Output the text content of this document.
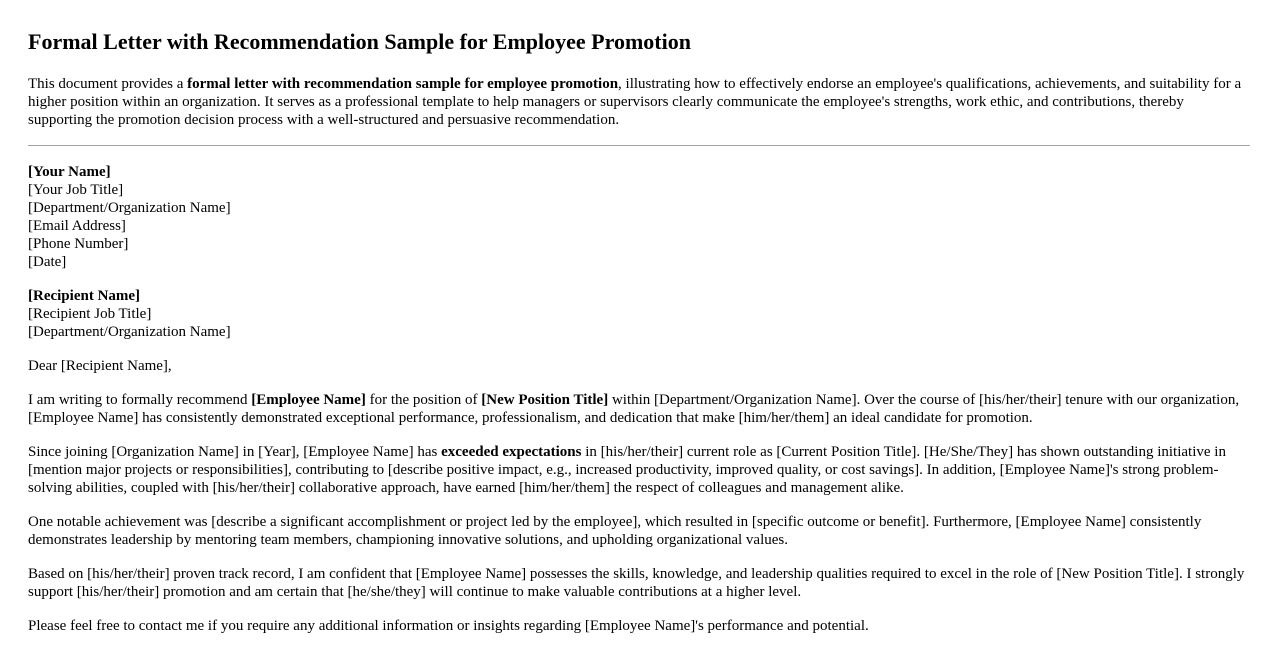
Formal Letter with Recommendation Sample for Employee Promotion

This document provides a formal letter with recommendation sample for employee promotion, illustrating how to effectively endorse an employee's qualifications, achievements, and suitability for a higher position within an organization. It serves as a professional template to help managers or supervisors clearly communicate the employee's strengths, work ethic, and contributions, thereby supporting the promotion decision process with a well-structured and persuasive recommendation.

[Your Name]
[Your Job Title]
[Department/Organization Name]
[Email Address]
[Phone Number]
[Date]
[Recipient Name]
[Recipient Job Title]
[Department/Organization Name]

Dear [Recipient Name],

I am writing to formally recommend [Employee Name] for the position of [New Position Title] within [Department/Organization Name]. Over the course of [his/her/their] tenure with our organization, [Employee Name] has consistently demonstrated exceptional performance, professionalism, and dedication that make [him/her/them] an ideal candidate for promotion.

Since joining [Organization Name] in [Year], [Employee Name] has exceeded expectations in [his/her/their] current role as [Current Position Title]. [He/She/They] has shown outstanding initiative in [mention major projects or responsibilities], contributing to [describe positive impact, e.g., increased productivity, improved quality, or cost savings]. In addition, [Employee Name]'s strong problem-solving abilities, coupled with [his/her/their] collaborative approach, have earned [him/her/them] the respect of colleagues and management alike.

One notable achievement was [describe a significant accomplishment or project led by the employee], which resulted in [specific outcome or benefit]. Furthermore, [Employee Name] consistently demonstrates leadership by mentoring team members, championing innovative solutions, and upholding organizational values.

Based on [his/her/their] proven track record, I am confident that [Employee Name] possesses the skills, knowledge, and leadership qualities required to excel in the role of [New Position Title]. I strongly support [his/her/their] promotion and am certain that [he/she/they] will continue to make valuable contributions at a higher level.

Please feel free to contact me if you require any additional information or insights regarding [Employee Name]'s performance and potential.
